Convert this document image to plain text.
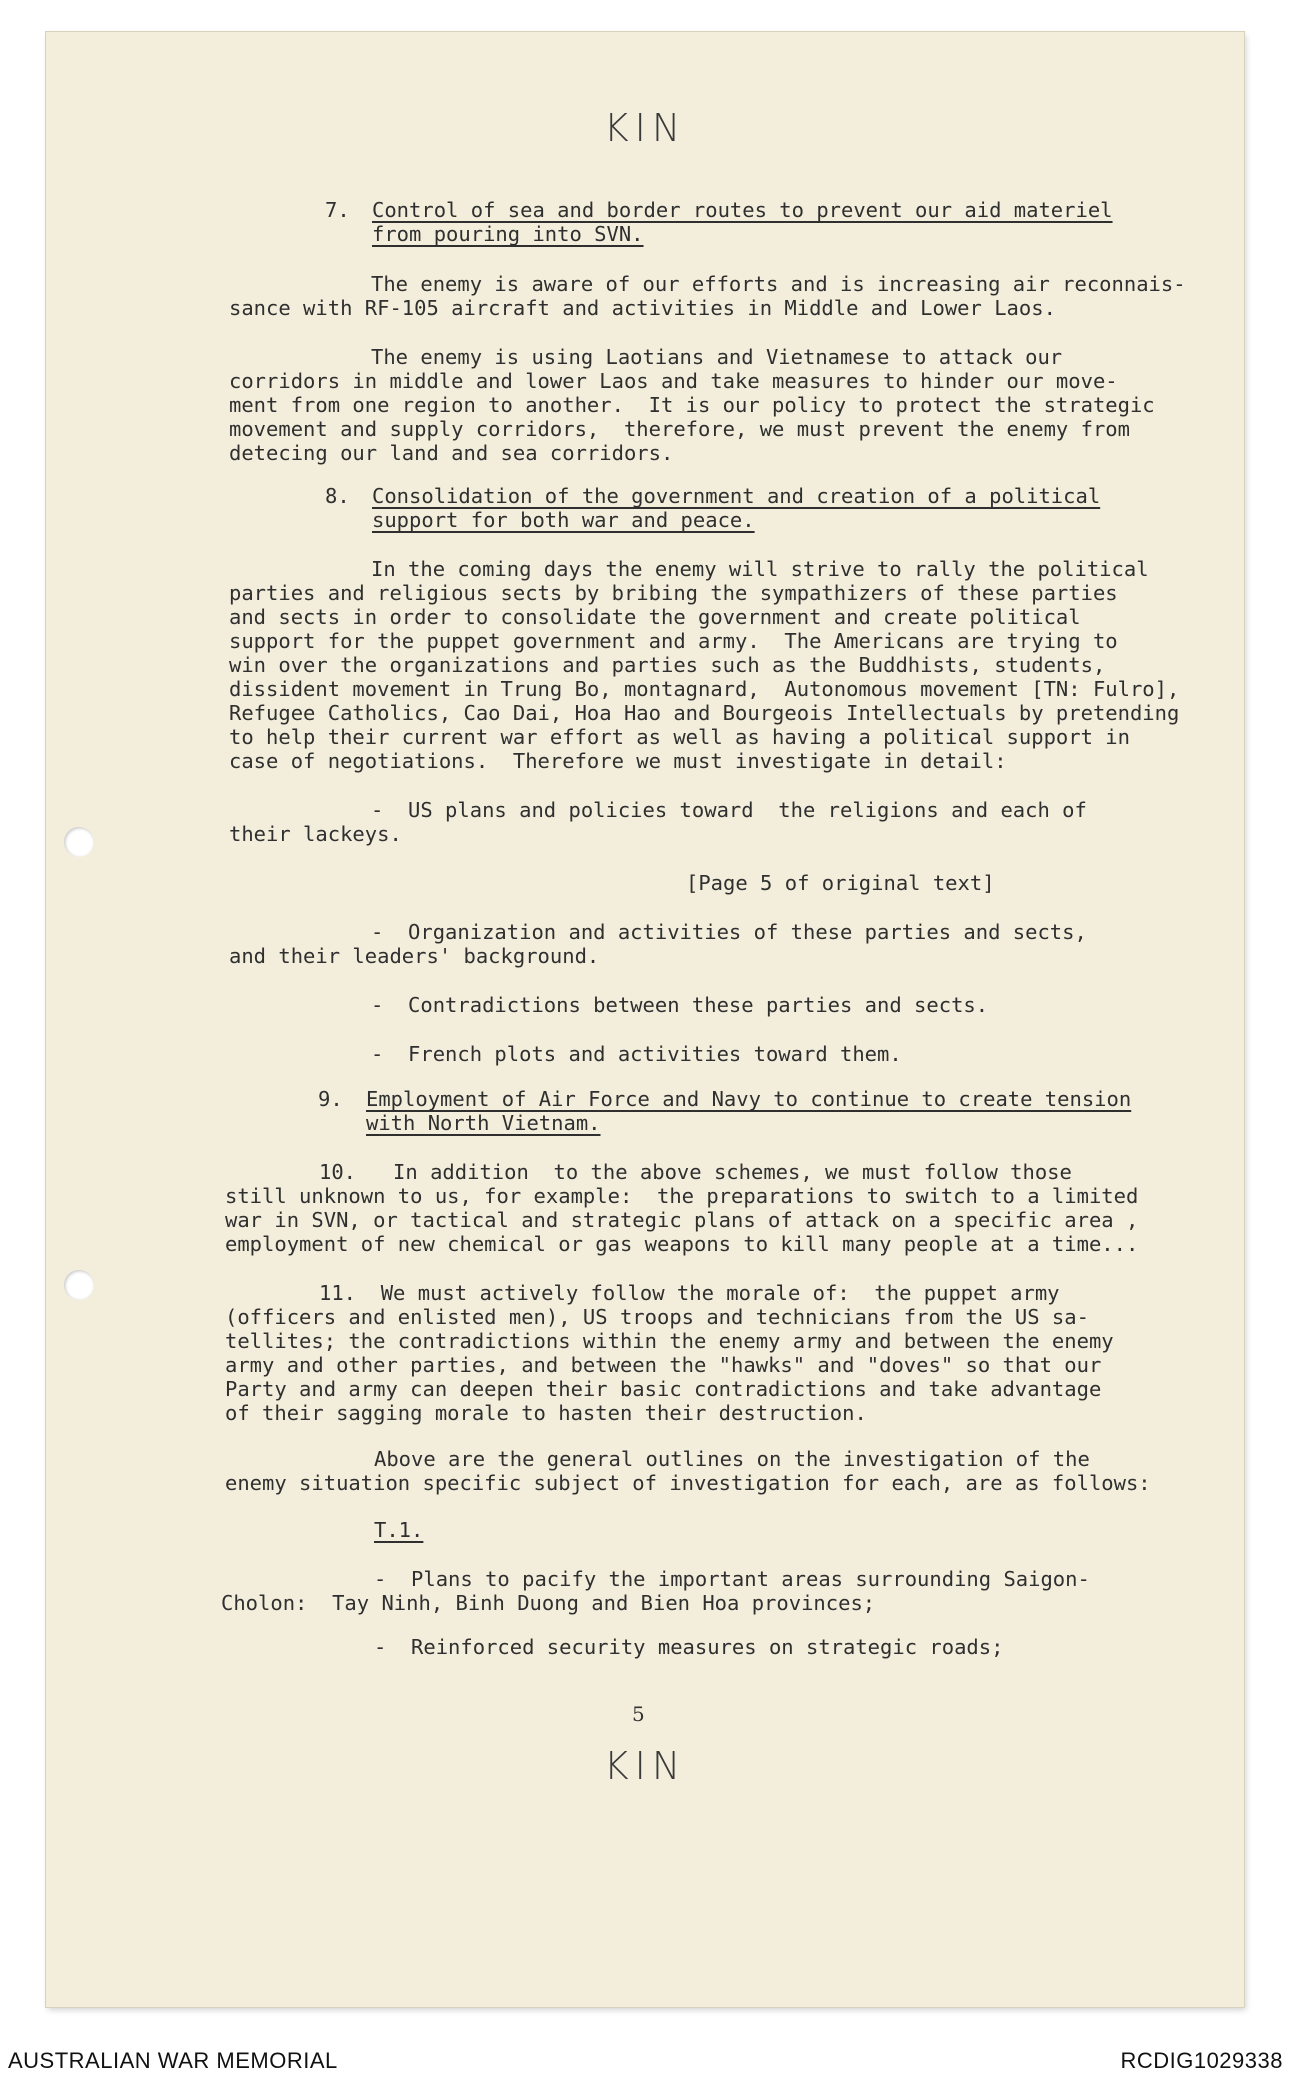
KIN
7. Control of sea and border routes to prevent our aid materiel
from pouring into SVN.
The enemy is aware of our efforts and is increasing air reconnais-
sance with RF-105 aircraft and activities in Middle and Lower Laos.
The enemy is using Laotians and Vietnamese to attack our
corridors in middle and lower Laos and take measures to hinder our move-
ment from one region to another.  It is our policy to protect the strategic
movement and supply corridors,  therefore, we must prevent the enemy from
detecing our land and sea corridors.
8. Consolidation of the government and creation of a political
support for both war and peace.
In the coming days the enemy will strive to rally the political
parties and religious sects by bribing the sympathizers of these parties
and sects in order to consolidate the government and create political
support for the puppet government and army.  The Americans are trying to
win over the organizations and parties such as the Buddhists, students,
dissident movement in Trung Bo, montagnard,  Autonomous movement [TN: Fulro],
Refugee Catholics, Cao Dai, Hoa Hao and Bourgeois Intellectuals by pretending
to help their current war effort as well as having a political support in
case of negotiations.  Therefore we must investigate in detail:
-  US plans and policies toward  the religions and each of
their lackeys.
[Page 5 of original text]
-  Organization and activities of these parties and sects,
and their leaders' background.
-  Contradictions between these parties and sects.
-  French plots and activities toward them.
9. Employment of Air Force and Navy to continue to create tension
with North Vietnam.
10.   In addition  to the above schemes, we must follow those
still unknown to us, for example:  the preparations to switch to a limited
war in SVN, or tactical and strategic plans of attack on a specific area ,
employment of new chemical or gas weapons to kill many people at a time...
11.  We must actively follow the morale of:  the puppet army
(officers and enlisted men), US troops and technicians from the US sa-
tellites; the contradictions within the enemy army and between the enemy
army and other parties, and between the "hawks" and "doves" so that our
Party and army can deepen their basic contradictions and take advantage
of their sagging morale to hasten their destruction.
Above are the general outlines on the investigation of the
enemy situation specific subject of investigation for each, are as follows:
T.1.
-  Plans to pacify the important areas surrounding Saigon-
Cholon:  Tay Ninh, Binh Duong and Bien Hoa provinces;
-  Reinforced security measures on strategic roads;
KIN
5
AUSTRALIAN WAR MEMORIAL	RCDIG1029338
